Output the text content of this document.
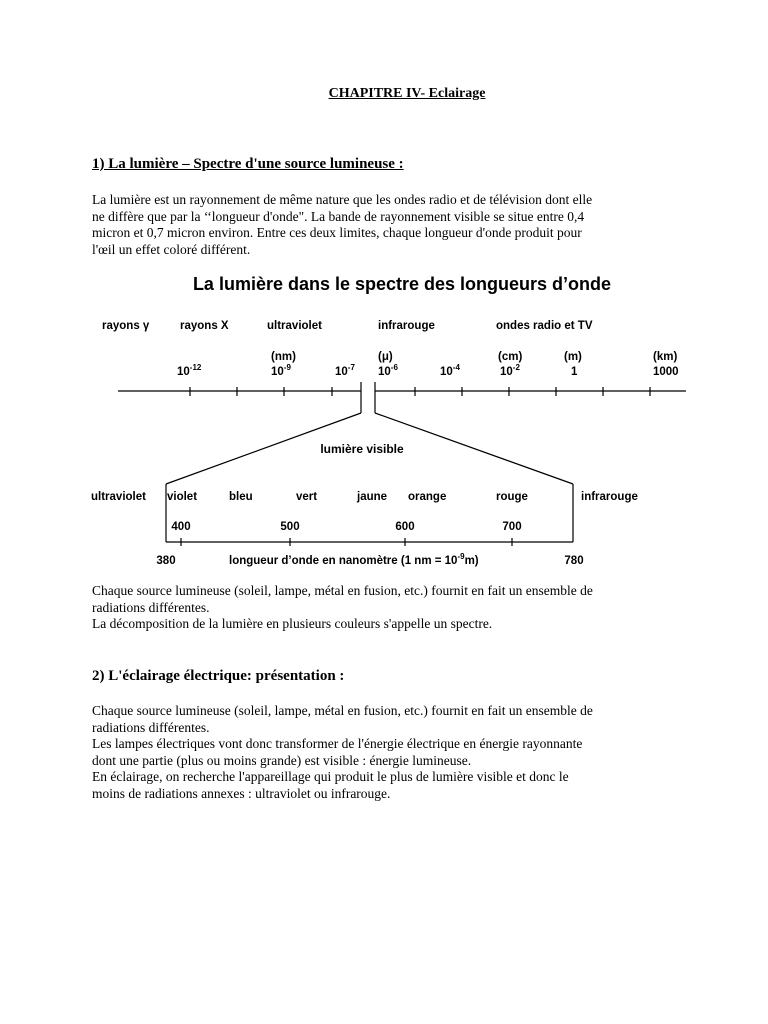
CHAPITRE IV- Eclairage
1) La lumière – Spectre d'une source lumineuse :
La lumière est un rayonnement de même nature que les ondes radio et de télévision dont elle
ne diffère que par la ‘‘longueur d'onde". La bande de rayonnement visible se situe entre 0,4
micron et 0,7 micron environ. Entre ces deux limites, chaque longueur d'onde produit pour
l'œil un effet coloré différent.
La lumière dans le spectre des longueurs d’onde
rayons γ	rayons X	ultraviolet	infrarouge	ondes radio et TV
(nm)	(μ)	(cm)	(m)	(km)
$10^{-12}$	$10^{-9}$	$10^{-7}$ $10^{-6}$	$10^{-4}$	$10^{-2}$	1	1000
lumière visible
ultraviolet violet	bleu	vert	jaune orange	rouge	infrarouge
400	500	600	700
380	780
longueur d’onde en nanomètre (1 nm = $10^{-9}m$)
Chaque source lumineuse (soleil, lampe, métal en fusion, etc.) fournit en fait un ensemble de
radiations différentes.
La décomposition de la lumière en plusieurs couleurs s'appelle un spectre.
2) L'éclairage électrique: présentation :
Chaque source lumineuse (soleil, lampe, métal en fusion, etc.) fournit en fait un ensemble de
radiations différentes.
Les lampes électriques vont donc transformer de l'énergie électrique en énergie rayonnante
dont une partie (plus ou moins grande) est visible : énergie lumineuse.
En éclairage, on recherche l'appareillage qui produit le plus de lumière visible et donc le
moins de radiations annexes : ultraviolet ou infrarouge.
